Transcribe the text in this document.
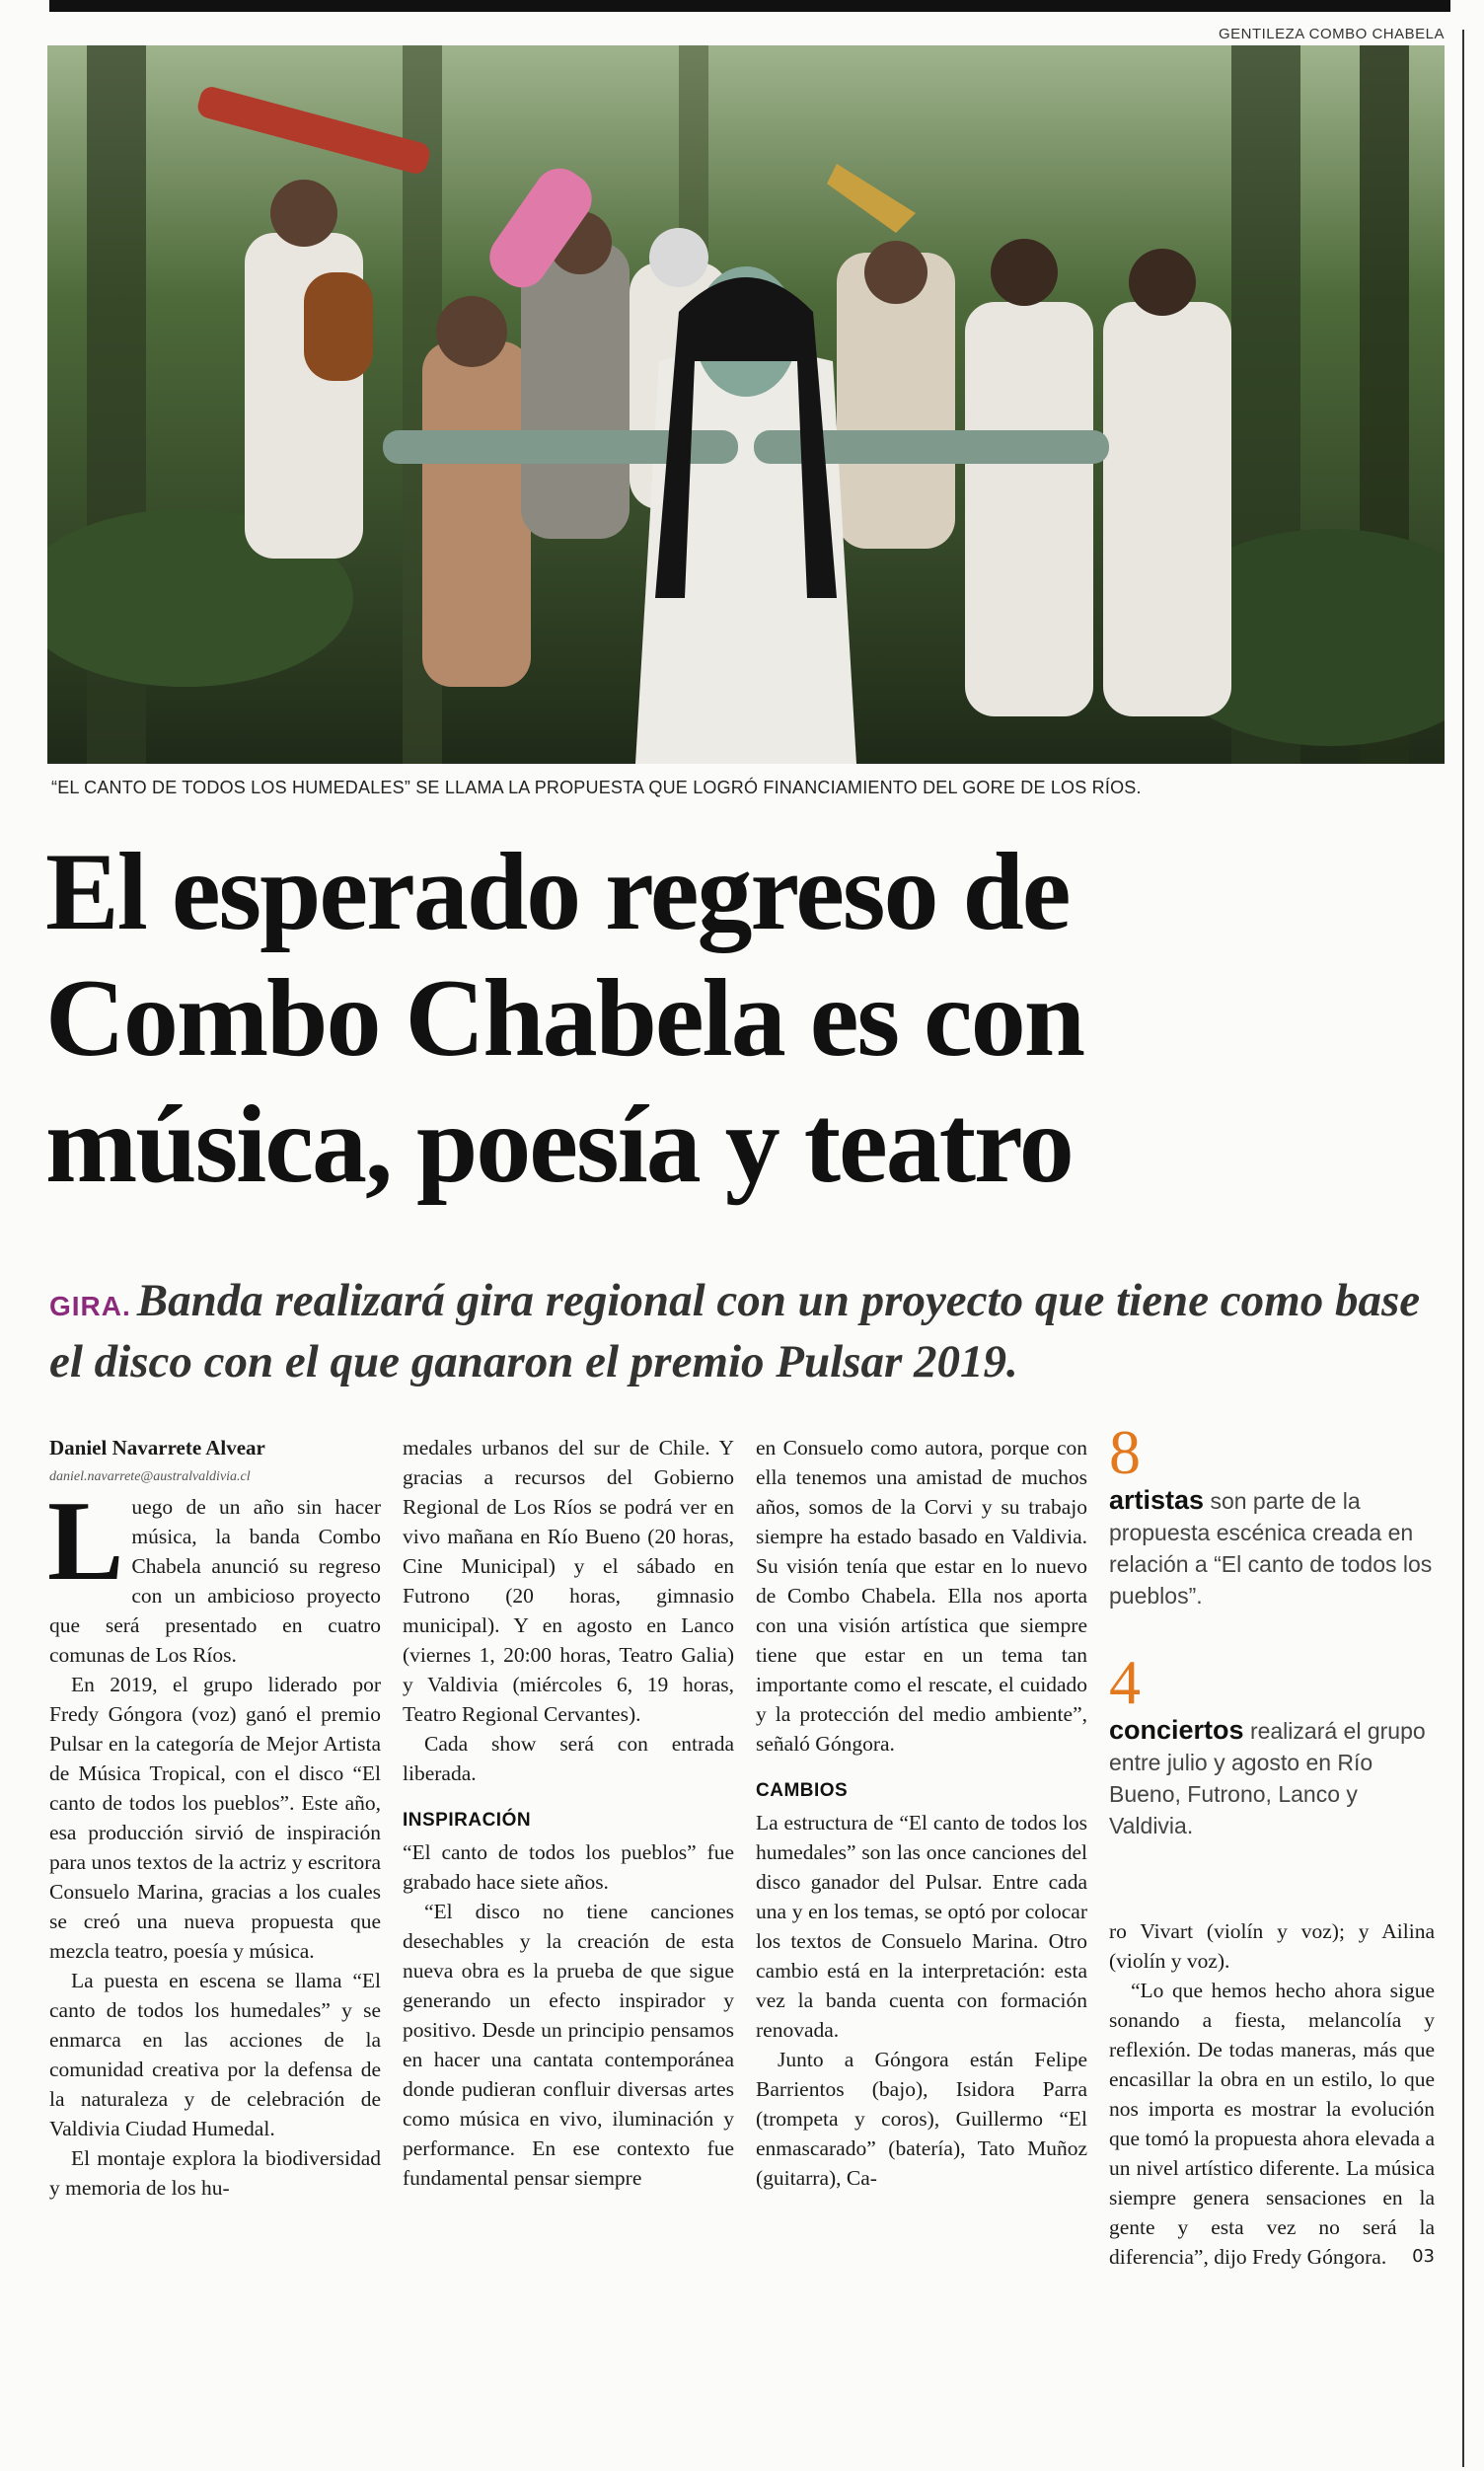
GENTILEZA COMBO CHABELA
“EL CANTO DE TODOS LOS HUMEDALES” SE LLAMA LA PROPUESTA QUE LOGRÓ FINANCIAMIENTO DEL GORE DE LOS RÍOS.
El esperado regreso de Combo Chabela es con música, poesía y teatro
GIRA. Banda realizará gira regional con un proyecto que tiene como base el disco con el que ganaron el premio Pulsar 2019.

Daniel Navarrete Alvear

daniel.navarrete@australvaldivia.cl

Luego de un año sin hacer música, la banda Combo Chabela anunció su regreso con un ambicioso proyecto que será presentado en cuatro comunas de Los Ríos.

En 2019, el grupo liderado por Fredy Góngora (voz) ganó el premio Pulsar en la categoría de Mejor Artista de Música Tropical, con el disco “El canto de todos los pueblos”. Este año, esa producción sirvió de inspiración para unos textos de la actriz y escritora Consuelo Marina, gracias a los cuales se creó una nueva propuesta que mezcla teatro, poesía y música.

La puesta en escena se llama “El canto de todos los humedales” y se enmarca en las acciones de la comunidad creativa por la defensa de la naturaleza y de celebración de Valdivia Ciudad Humedal.

El montaje explora la biodiversidad y memoria de los hu-

medales urbanos del sur de Chile. Y gracias a recursos del Gobierno Regional de Los Ríos se podrá ver en vivo mañana en Río Bueno (20 horas, Cine Municipal) y el sábado en Futrono (20 horas, gimnasio municipal). Y en agosto en Lanco (viernes 1, 20:00 horas, Teatro Galia) y Valdivia (miércoles 6, 19 horas, Teatro Regional Cervantes).

Cada show será con entrada liberada.

INSPIRACIÓN

“El canto de todos los pueblos” fue grabado hace siete años.

“El disco no tiene canciones desechables y la creación de esta nueva obra es la prueba de que sigue generando un efecto inspirador y positivo. Desde un principio pensamos en hacer una cantata contemporánea donde pudieran confluir diversas artes como música en vivo, iluminación y performance. En ese contexto fue fundamental pensar siempre

en Consuelo como autora, porque con ella tenemos una amistad de muchos años, somos de la Corvi y su trabajo siempre ha estado basado en Valdivia. Su visión tenía que estar en lo nuevo de Combo Chabela. Ella nos aporta con una visión artística que siempre tiene que estar en un tema tan importante como el rescate, el cuidado y la protección del medio ambiente”, señaló Góngora.

CAMBIOS

La estructura de “El canto de todos los humedales” son las once canciones del disco ganador del Pulsar. Entre cada una y en los temas, se optó por colocar los textos de Consuelo Marina. Otro cambio está en la interpretación: esta vez la banda cuenta con formación renovada.

Junto a Góngora están Felipe Barrientos (bajo), Isidora Parra (trompeta y coros), Guillermo “El enmascarado” (batería), Tato Muñoz (guitarra), Ca-

8
artistas son parte de la propuesta escénica creada en relación a “El canto de todos los pueblos”.
4
conciertos realizará el grupo entre julio y agosto en Río Bueno, Futrono, Lanco y Valdivia.

ro Vivart (violín y voz); y Ailina (violín y voz).

“Lo que hemos hecho ahora sigue sonando a fiesta, melancolía y reflexión. De todas maneras, más que encasillar la obra en un estilo, lo que nos importa es mostrar la evolución que tomó la propuesta ahora elevada a un nivel artístico diferente. La música siempre genera sensaciones en la gente y esta vez no será la diferencia”, dijo Fredy Góngora.	03
